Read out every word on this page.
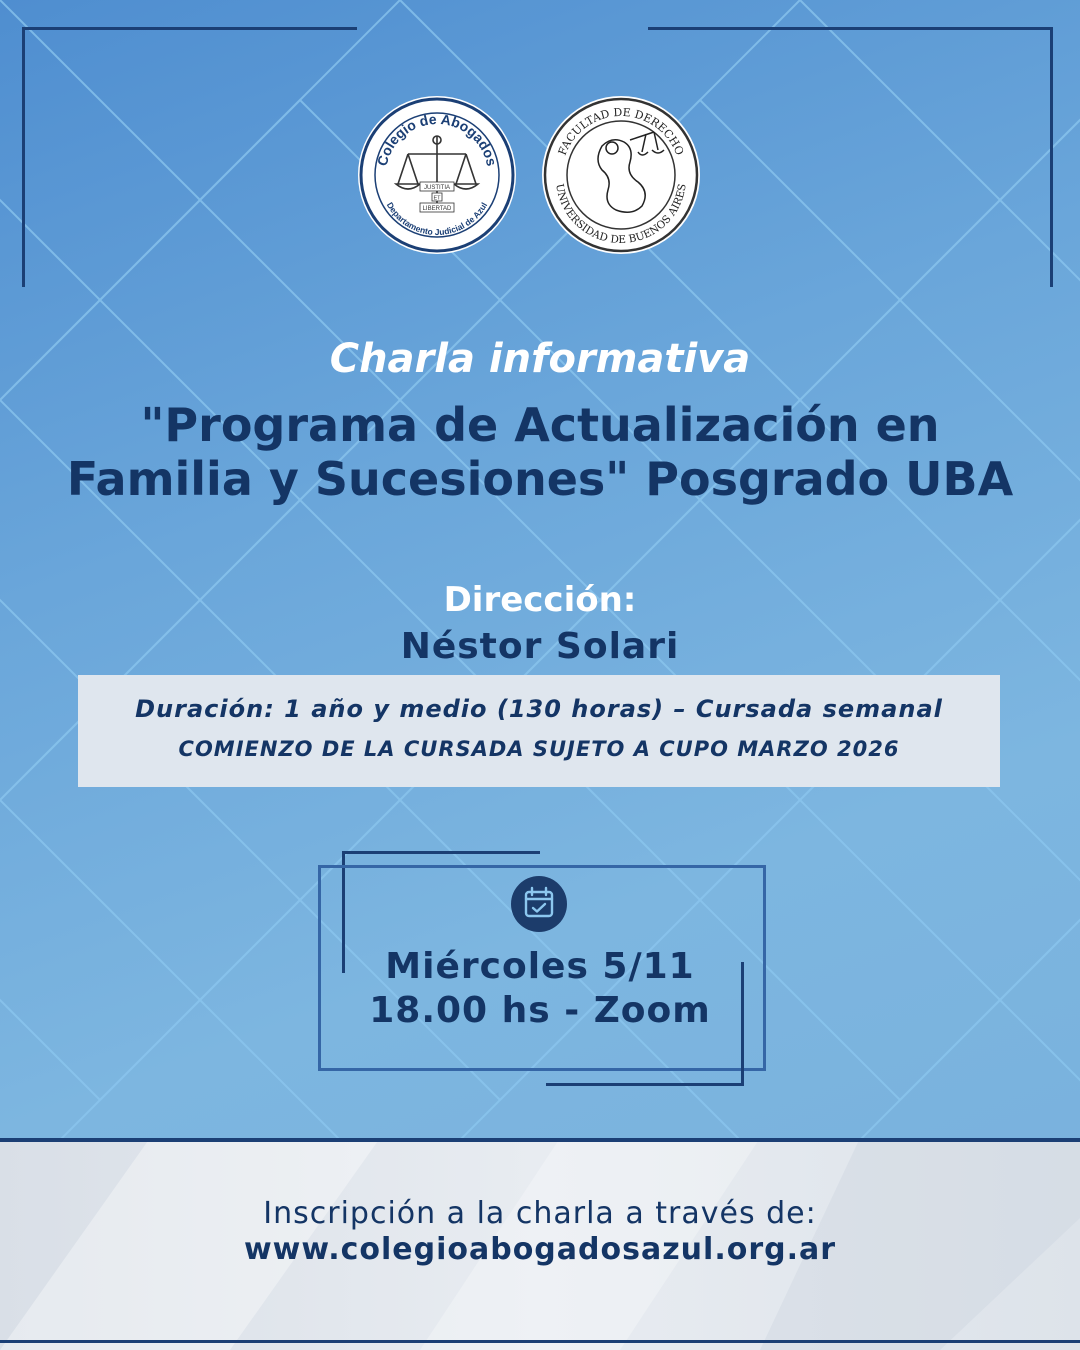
Colegio de Abogados
Departamento Judicial de Azul
JUSTITIA
ET
LIBERTAD
FACULTAD DE DERECHO
UNIVERSIDAD DE BUENOS AIRES
Charla informativa
"Programa de Actualización en
Familia y Sucesiones" Posgrado UBA
Dirección:
Néstor Solari
Duración: 1 año y medio (130 horas) – Cursada semanal
COMIENZO DE LA CURSADA SUJETO A CUPO MARZO 2026
Miércoles 5/11
18.00 hs - Zoom
Inscripción a la charla a través de:
www.colegioabogadosazul.org.ar
